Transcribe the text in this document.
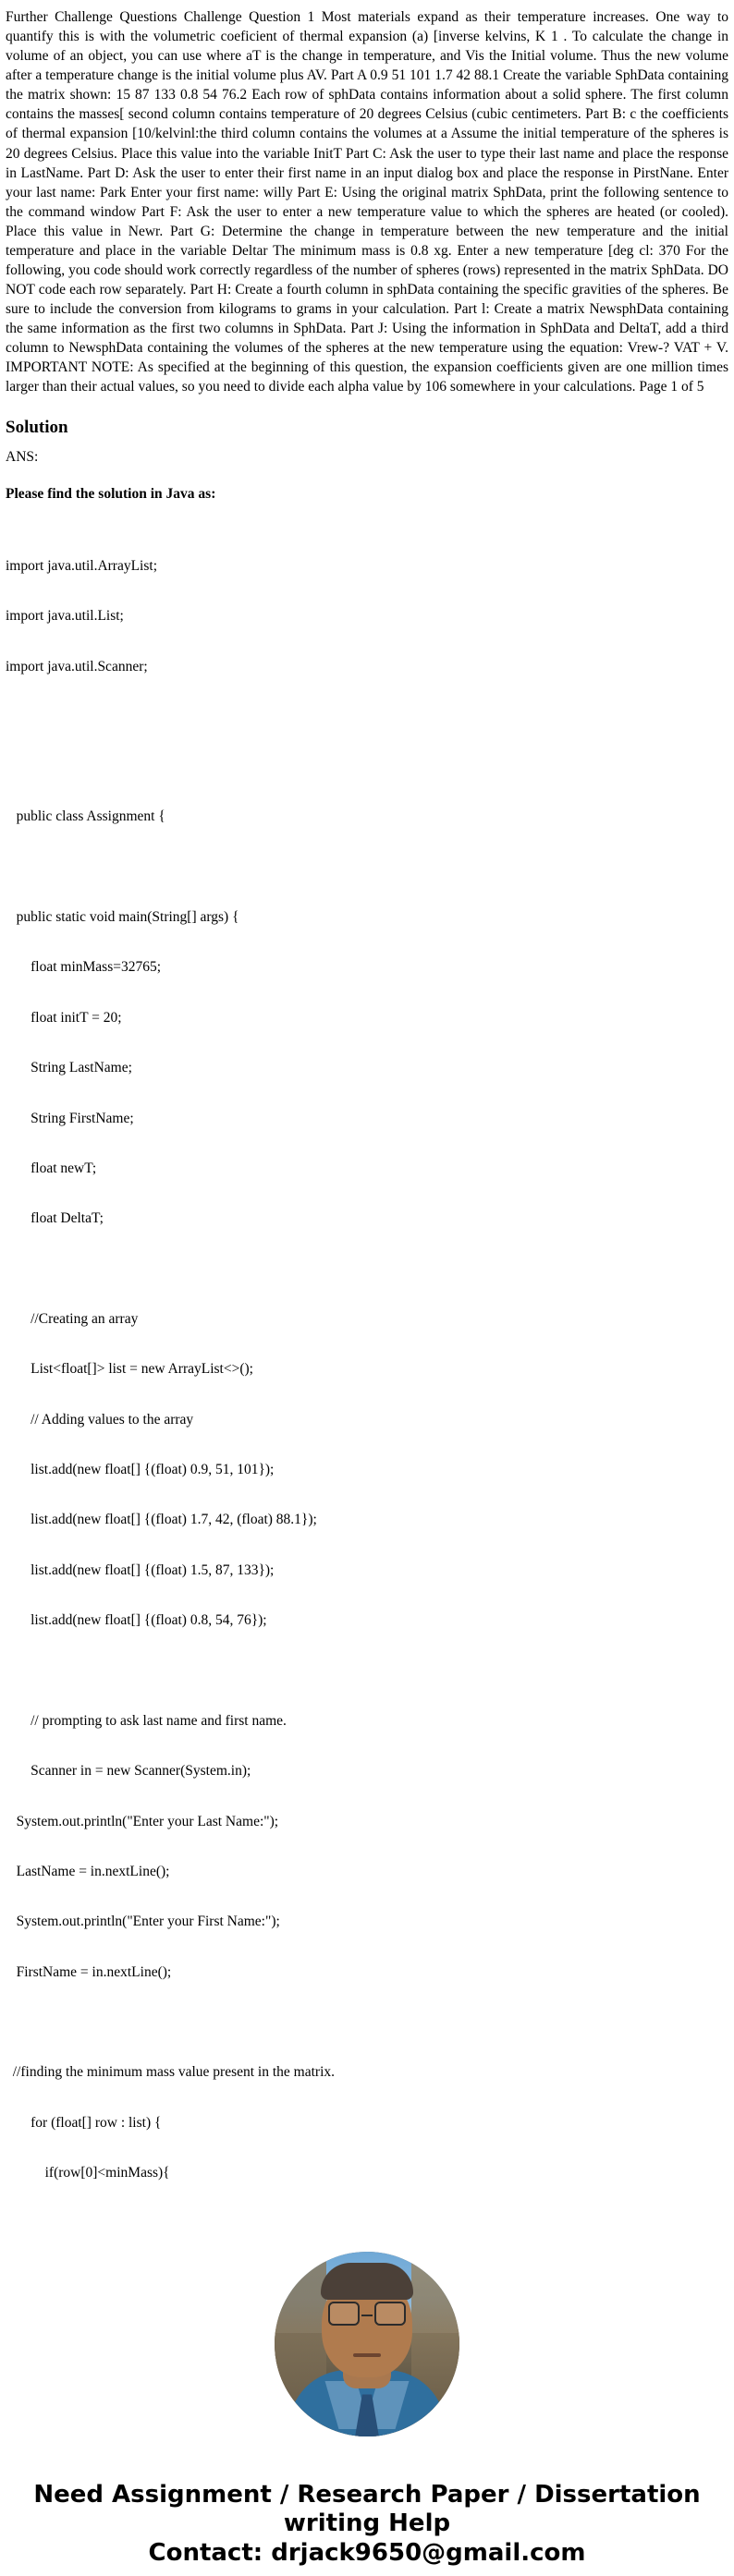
Further Challenge Questions Challenge Question 1 Most materials expand as their temperature increases. One way to quantify this is with the volumetric coeficient of thermal expansion (a) [inverse kelvins, K 1 . To calculate the change in volume of an object, you can use where aT is the change in temperature, and Vis the Initial volume. Thus the new volume after a temperature change is the initial volume plus AV. Part A 0.9 51 101 1.7 42 88.1 Create the variable SphData containing the matrix shown: 15 87 133 0.8 54 76.2 Each row of sphData contains information about a solid sphere. The first column contains the masses[ second column contains temperature of 20 degrees Celsius (cubic centimeters. Part B: c the coefficients of thermal expansion [10/kelvinl:the third column contains the volumes at a Assume the initial temperature of the spheres is 20 degrees Celsius. Place this value into the variable InitT Part C: Ask the user to type their last name and place the response in LastName. Part D: Ask the user to enter their first name in an input dialog box and place the response in PirstNane. Enter your last name: Park Enter your first name: willy Part E: Using the original matrix SphData, print the following sentence to the command window Part F: Ask the user to enter a new temperature value to which the spheres are heated (or cooled). Place this value in Newr. Part G: Determine the change in temperature between the new temperature and the initial temperature and place in the variable Deltar The minimum mass is 0.8 xg. Enter a new temperature [deg cl: 370 For the following, you code should work correctly regardless of the number of spheres (rows) represented in the matrix SphData. DO NOT code each row separately. Part H: Create a fourth column in sphData containing the specific gravities of the spheres. Be sure to include the conversion from kilograms to grams in your calculation. Part l: Create a matrix NewsphData containing the same information as the first two columns in SphData. Part J: Using the information in SphData and DeltaT, add a third column to NewsphData containing the volumes of the spheres at the new temperature using the equation: Vrew-? VAT + V. IMPORTANT NOTE: As specified at the beginning of this question, the expansion coefficients given are one million times larger than their actual values, so you need to divide each alpha value by 106 somewhere in your calculations. Page 1 of 5

Solution

ANS:

Please find the solution in Java as:

import java.util.ArrayList;

import java.util.List;

import java.util.Scanner;

public class Assignment {

public static void main(String[] args) {

float minMass=32765;

float initT = 20;

String LastName;

String FirstName;

float newT;

float DeltaT;

//Creating an array

List<float[]> list = new ArrayList<>();

// Adding values to the array

list.add(new float[] {(float) 0.9, 51, 101});

list.add(new float[] {(float) 1.7, 42, (float) 88.1});

list.add(new float[] {(float) 1.5, 87, 133});

list.add(new float[] {(float) 0.8, 54, 76});

// prompting to ask last name and first name.

Scanner in = new Scanner(System.in);

System.out.println("Enter your Last Name:");

LastName = in.nextLine();

System.out.println("Enter your First Name:");

FirstName = in.nextLine();

//finding the minimum mass value present in the matrix.

for (float[] row : list) {

if(row[0]<minMass){

Need Assignment / Research Paper / Dissertation writing Help
Contact: drjack9650@gmail.com
